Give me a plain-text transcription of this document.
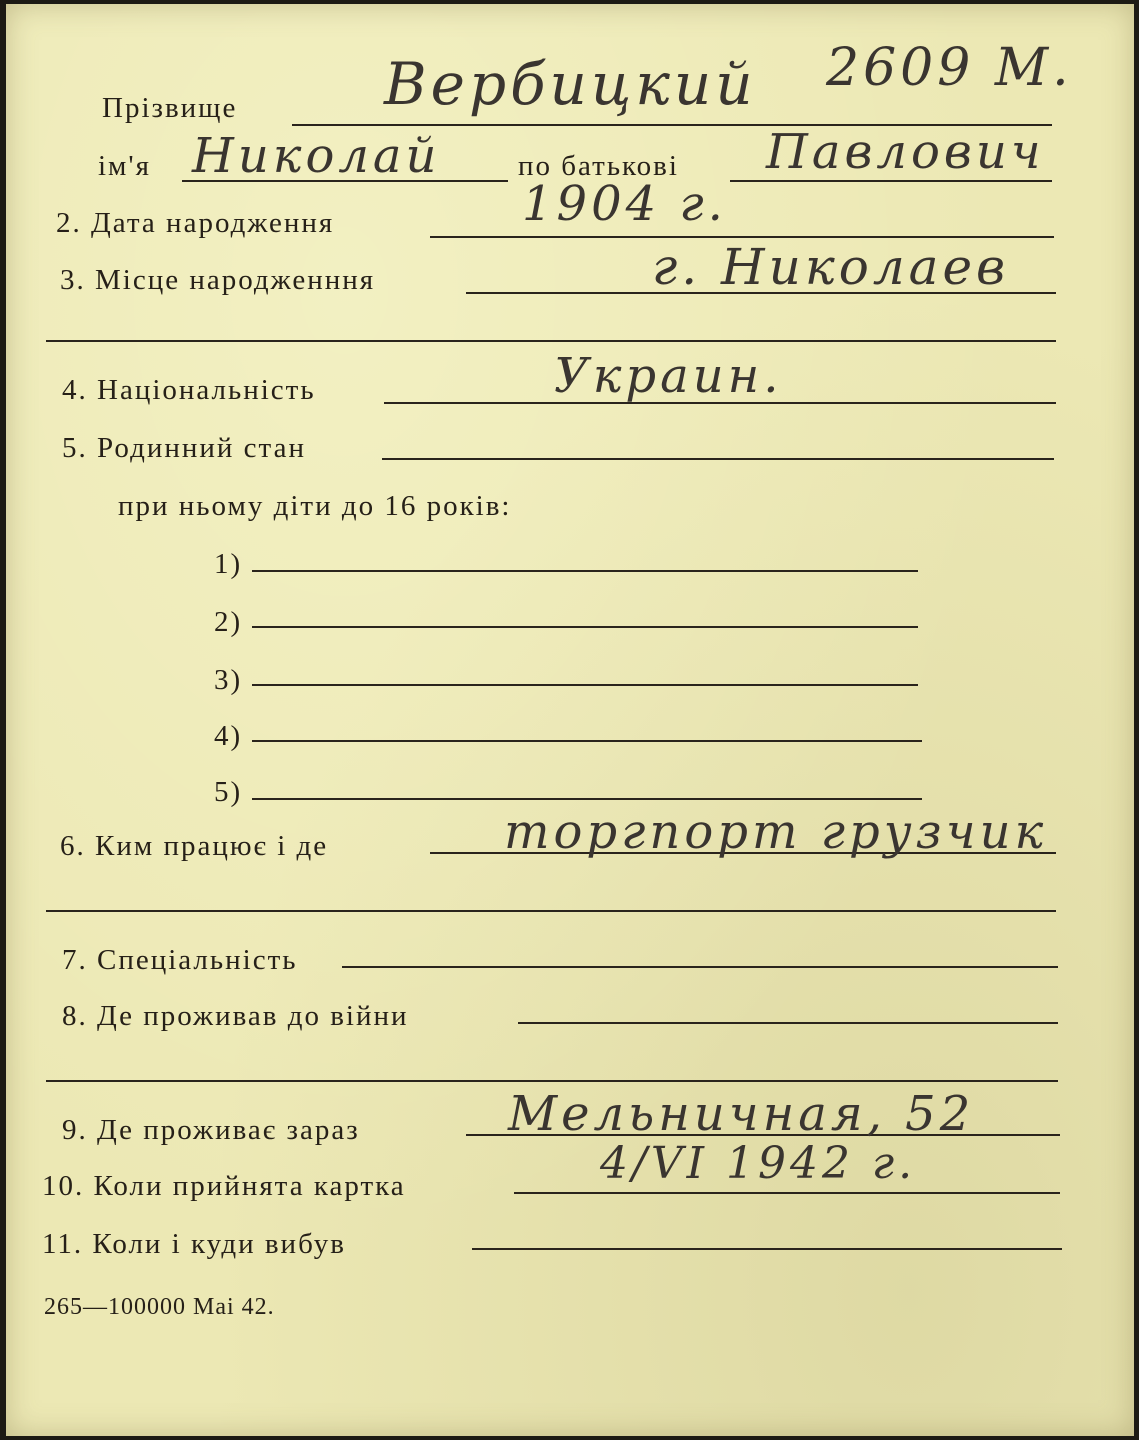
2609 M.
Прізвище	Вербицкий
ім'я Николай	по батькові Павлович
2. Дата народження	1904 г.
3. Місце народженння	г. Николаев
4. Національність	Украин.
5. Родинний стан
при ньому діти до 16 років:
1)
2)
3)
4)
5)
6. Ким працює і де	торгпорт грузчик
7. Спеціальність
8. Де проживав до війни
9. Де проживає зараз	Мельничная, 52
10. Коли прийнята картка	4/VI 1942 г.
11. Коли і куди вибув
265—100000 Mai 42.
